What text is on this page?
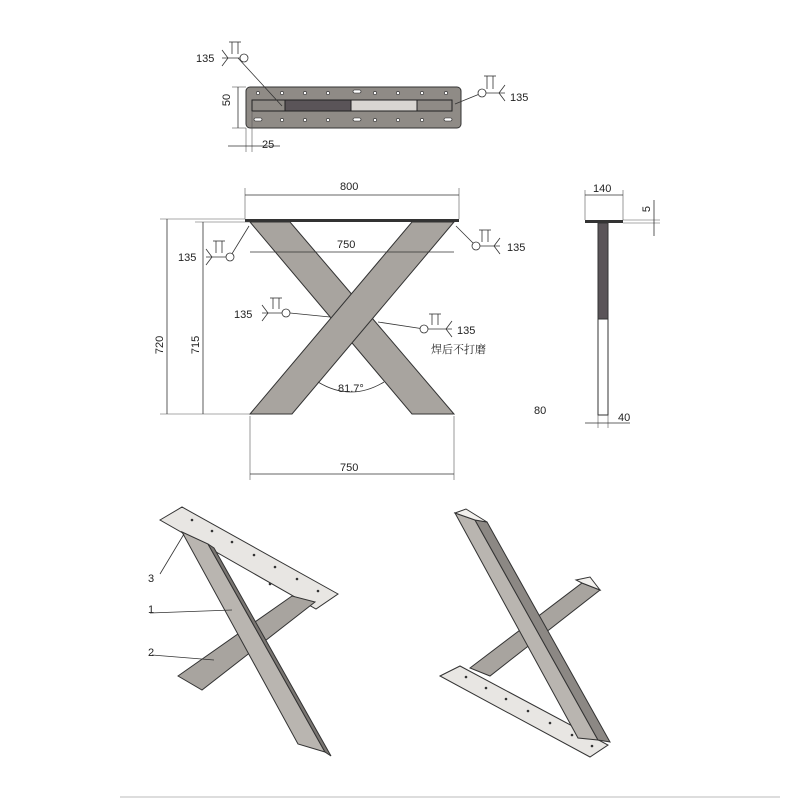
50
25
135
135
800
750
750
720 715
81.7°
135
135
135
135
焊后不打磨
140
5
40
80
3
1
2
